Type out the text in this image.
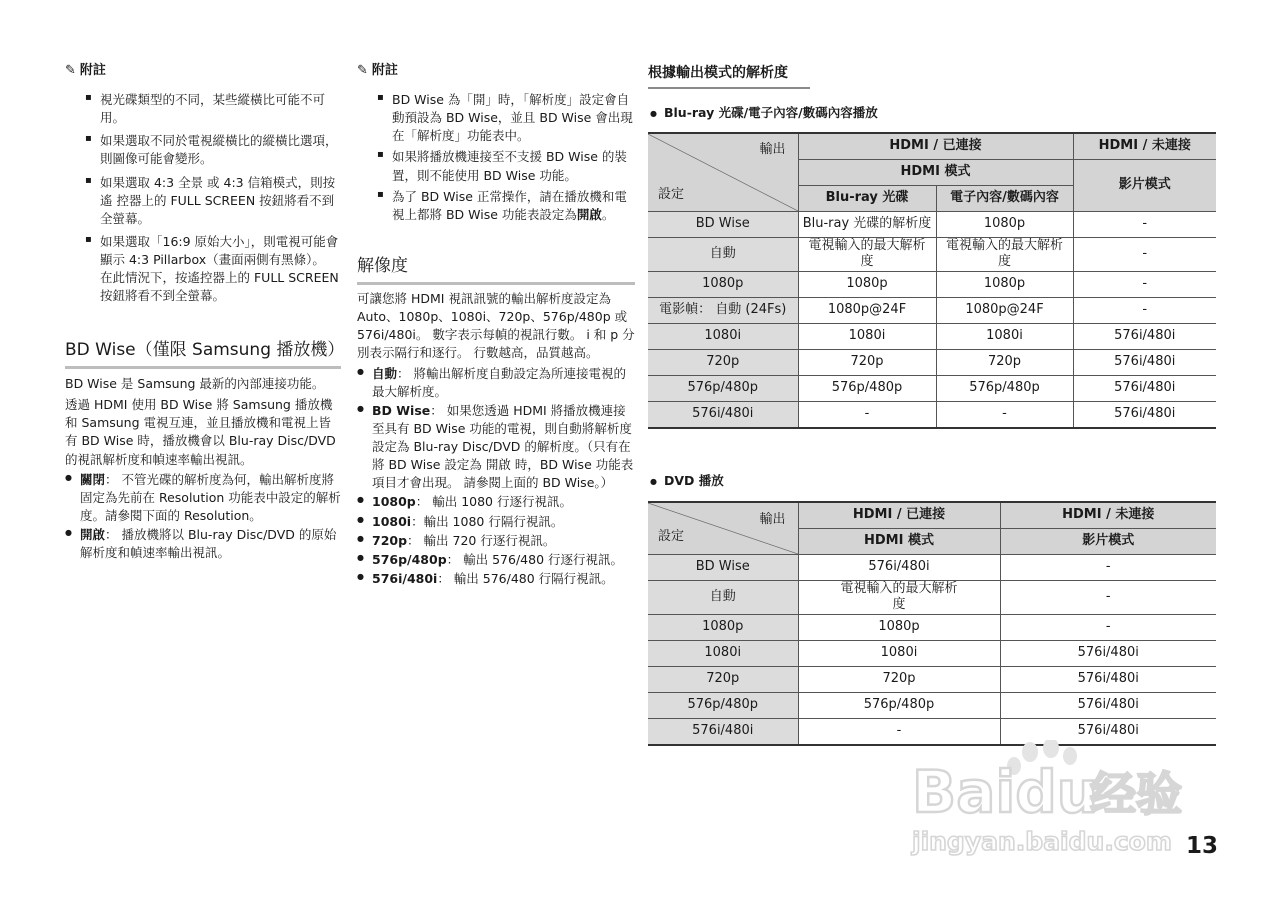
✎ 附註
▪ 視光碟類型的不同，某些縱橫比可能不可用。
▪ 如果選取不同於電視縱橫比的縱橫比選項，則圖像可能會變形。
▪ 如果選取 4:3 全景 或 4:3 信箱模式，則按遙 控器上的 FULL SCREEN 按鈕將看不到全螢幕。
▪ 如果選取「16:9 原始大小」，則電視可能會顯示 4:3 Pillarbox（畫面兩側有黑條）。
在此情況下，按遙控器上的 FULL SCREEN 按鈕將看不到全螢幕。
BD Wise（僅限 Samsung 播放機）
BD Wise 是 Samsung 最新的內部連接功能。
透過 HDMI 使用 BD Wise 將 Samsung 播放機和 Samsung 電視互連，並且播放機和電視上皆有 BD Wise 時，播放機會以 Blu-ray Disc/DVD 的視訊解析度和幀速率輸出視訊。
● 關閉： 不管光碟的解析度為何，輸出解析度將固定為先前在 Resolution 功能表中設定的解析度。請參閱下面的 Resolution。
● 開啟： 播放機將以 Blu-ray Disc/DVD 的原始解析度和幀速率輸出視訊。
✎ 附註
▪ BD Wise 為「開」時，「解析度」設定會自動預設為 BD Wise，並且 BD Wise 會出現在「解析度」功能表中。
▪ 如果將播放機連接至不支援 BD Wise 的裝置，則不能使用 BD Wise 功能。
▪ 為了 BD Wise 正常操作，請在播放機和電視上都將 BD Wise 功能表設定為開啟。
解像度
可讓您將 HDMI 視訊訊號的輸出解析度設定為 Auto、1080p、1080i、720p、576p/480p 或 576i/480i。 數字表示每幀的視訊行數。 i 和 p 分別表示隔行和逐行。 行數越高，品質越高。
● 自動： 將輸出解析度自動設定為所連接電視的最大解析度。
● BD Wise： 如果您透過 HDMI 將播放機連接至具有 BD Wise 功能的電視，則自動將解析度設定為 Blu-ray Disc/DVD 的解析度。（只有在將 BD Wise 設定為 開啟 時，BD Wise 功能表項目才會出現。 請參閱上面的 BD Wise。）
● 1080p： 輸出 1080 行逐行視訊。
● 1080i：輸出 1080 行隔行視訊。
● 720p： 輸出 720 行逐行視訊。
● 576p/480p： 輸出 576/480 行逐行視訊。
● 576i/480i： 輸出 576/480 行隔行視訊。
根據輸出模式的解析度
● Blu-ray 光碟/電子內容/數碼內容播放
輸出
設定	HDMI / 已連接		HDMI / 未連接
	HDMI 模式		影片模式
	Blu-ray 光碟	電子內容/數碼內容	
BD Wise	Blu-ray 光碟的解析度	1080p	-
自動	電視輸入的最大解析度	電視輸入的最大解析度	-
1080p	1080p	1080p	-
電影幀： 自動 (24Fs)	1080p@24F	1080p@24F	-
1080i	1080i	1080i	576i/480i
720p	720p	720p	576i/480i
576p/480p	576p/480p	576p/480p	576i/480i
576i/480i	-	-	576i/480i
● DVD 播放
輸出
設定	HDMI / 已連接	HDMI / 未連接
	HDMI 模式	影片模式
BD Wise	576i/480i	-
自動	電視輸入的最大解析度	-
1080p	1080p	-
1080i	1080i	576i/480i
720p	720p	576i/480i
576p/480p	576p/480p	576i/480i
576i/480i	-	576i/480i
Baidu
经验
jingyan.baidu.com 13
